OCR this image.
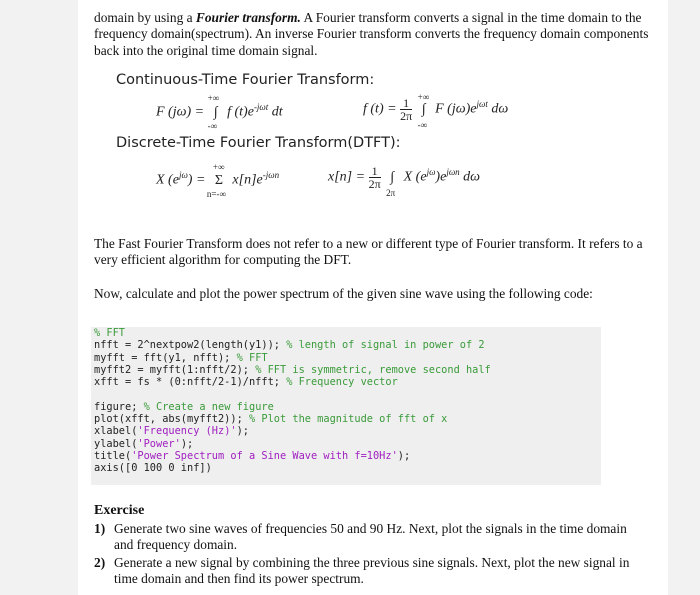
domain by using a Fourier transform. A Fourier transform converts a signal in the time domain to the frequency domain(spectrum). An inverse Fourier transform converts the frequency domain components back into the original time domain signal.
Continuous-Time Fourier Transform:
F (jω) =
+∞
∫
-∞
f $(t)e^{-j\omega t}$ dt	f $(t) = \frac{1}{2\pi}$

+∞
∫
-∞
F $(j\omega)e^{j\omega t}$ dω
Discrete-Time Fourier Transform(DTFT):
X $(e^{j\omega})$ =
+∞
Σ
n=-∞
$x[n]e^{-j\omega n}$	$x[n] = \frac{1}{2\pi}$ ∫
2π
X $(e^{j\omega})e^{j\omega n}$ dω
The Fast Fourier Transform does not refer to a new or different type of Fourier transform. It refers to a very efficient algorithm for computing the DFT.
Now, calculate and plot the power spectrum of the given sine wave using the following code:
% FFT
nfft = 2^nextpow2(length(y1)); % length of signal in power of 2
myfft = fft(y1, nfft); % FFT
myfft2 = myfft(1:nfft/2); % FFT is symmetric, remove second half
xfft = fs * (0:nfft/2-1)/nfft; % Frequency vector

figure; % Create a new figure
plot(xfft, abs(myfft2)); % Plot the magnitude of fft of x
xlabel('Frequency (Hz)');
ylabel('Power');
title('Power Spectrum of a Sine Wave with f=10Hz');
axis([0 100 0 inf])
Exercise
1) Generate two sine waves of frequencies 50 and 90 Hz. Next, plot the signals in the time domain and frequency domain.
2) Generate a new signal by combining the three previous sine signals. Next, plot the new signal in time domain and then find its power spectrum.
